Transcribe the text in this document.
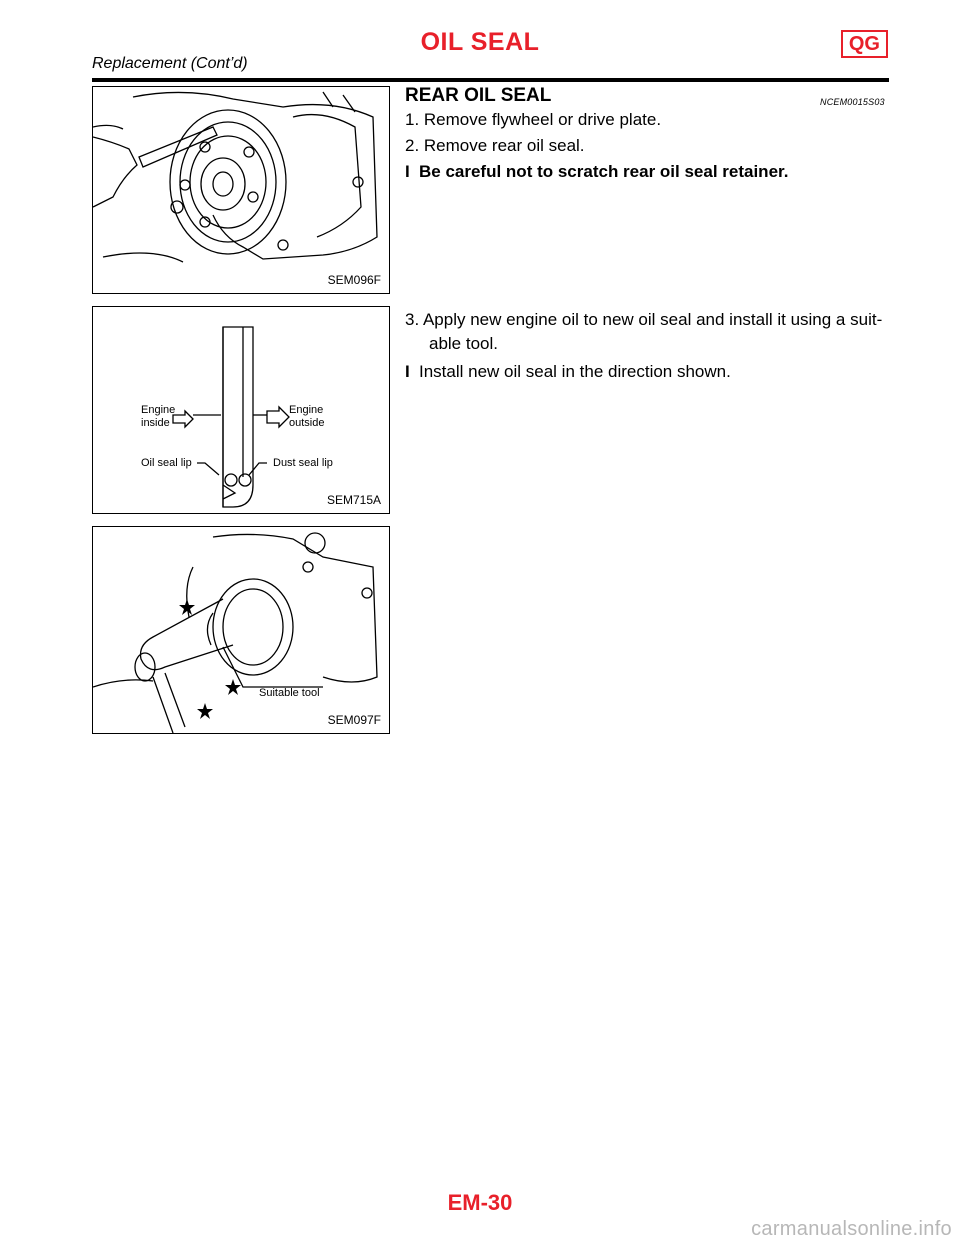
OIL SEAL	QG
Replacement (Cont’d)
SEM096F
Engine
inside
Engine
outside
Oil seal lip	Dust seal lip
SEM715A
Suitable tool
SEM097F
REAR OIL SEAL	NCEM0015S03
1. Remove flywheel or drive plate.
2. Remove rear oil seal.
I Be careful not to scratch rear oil seal retainer.
3. Apply new engine oil to new oil seal and install it using a suit-
able tool.
I Install new oil seal in the direction shown.
EM-30
carmanualsonline.info
